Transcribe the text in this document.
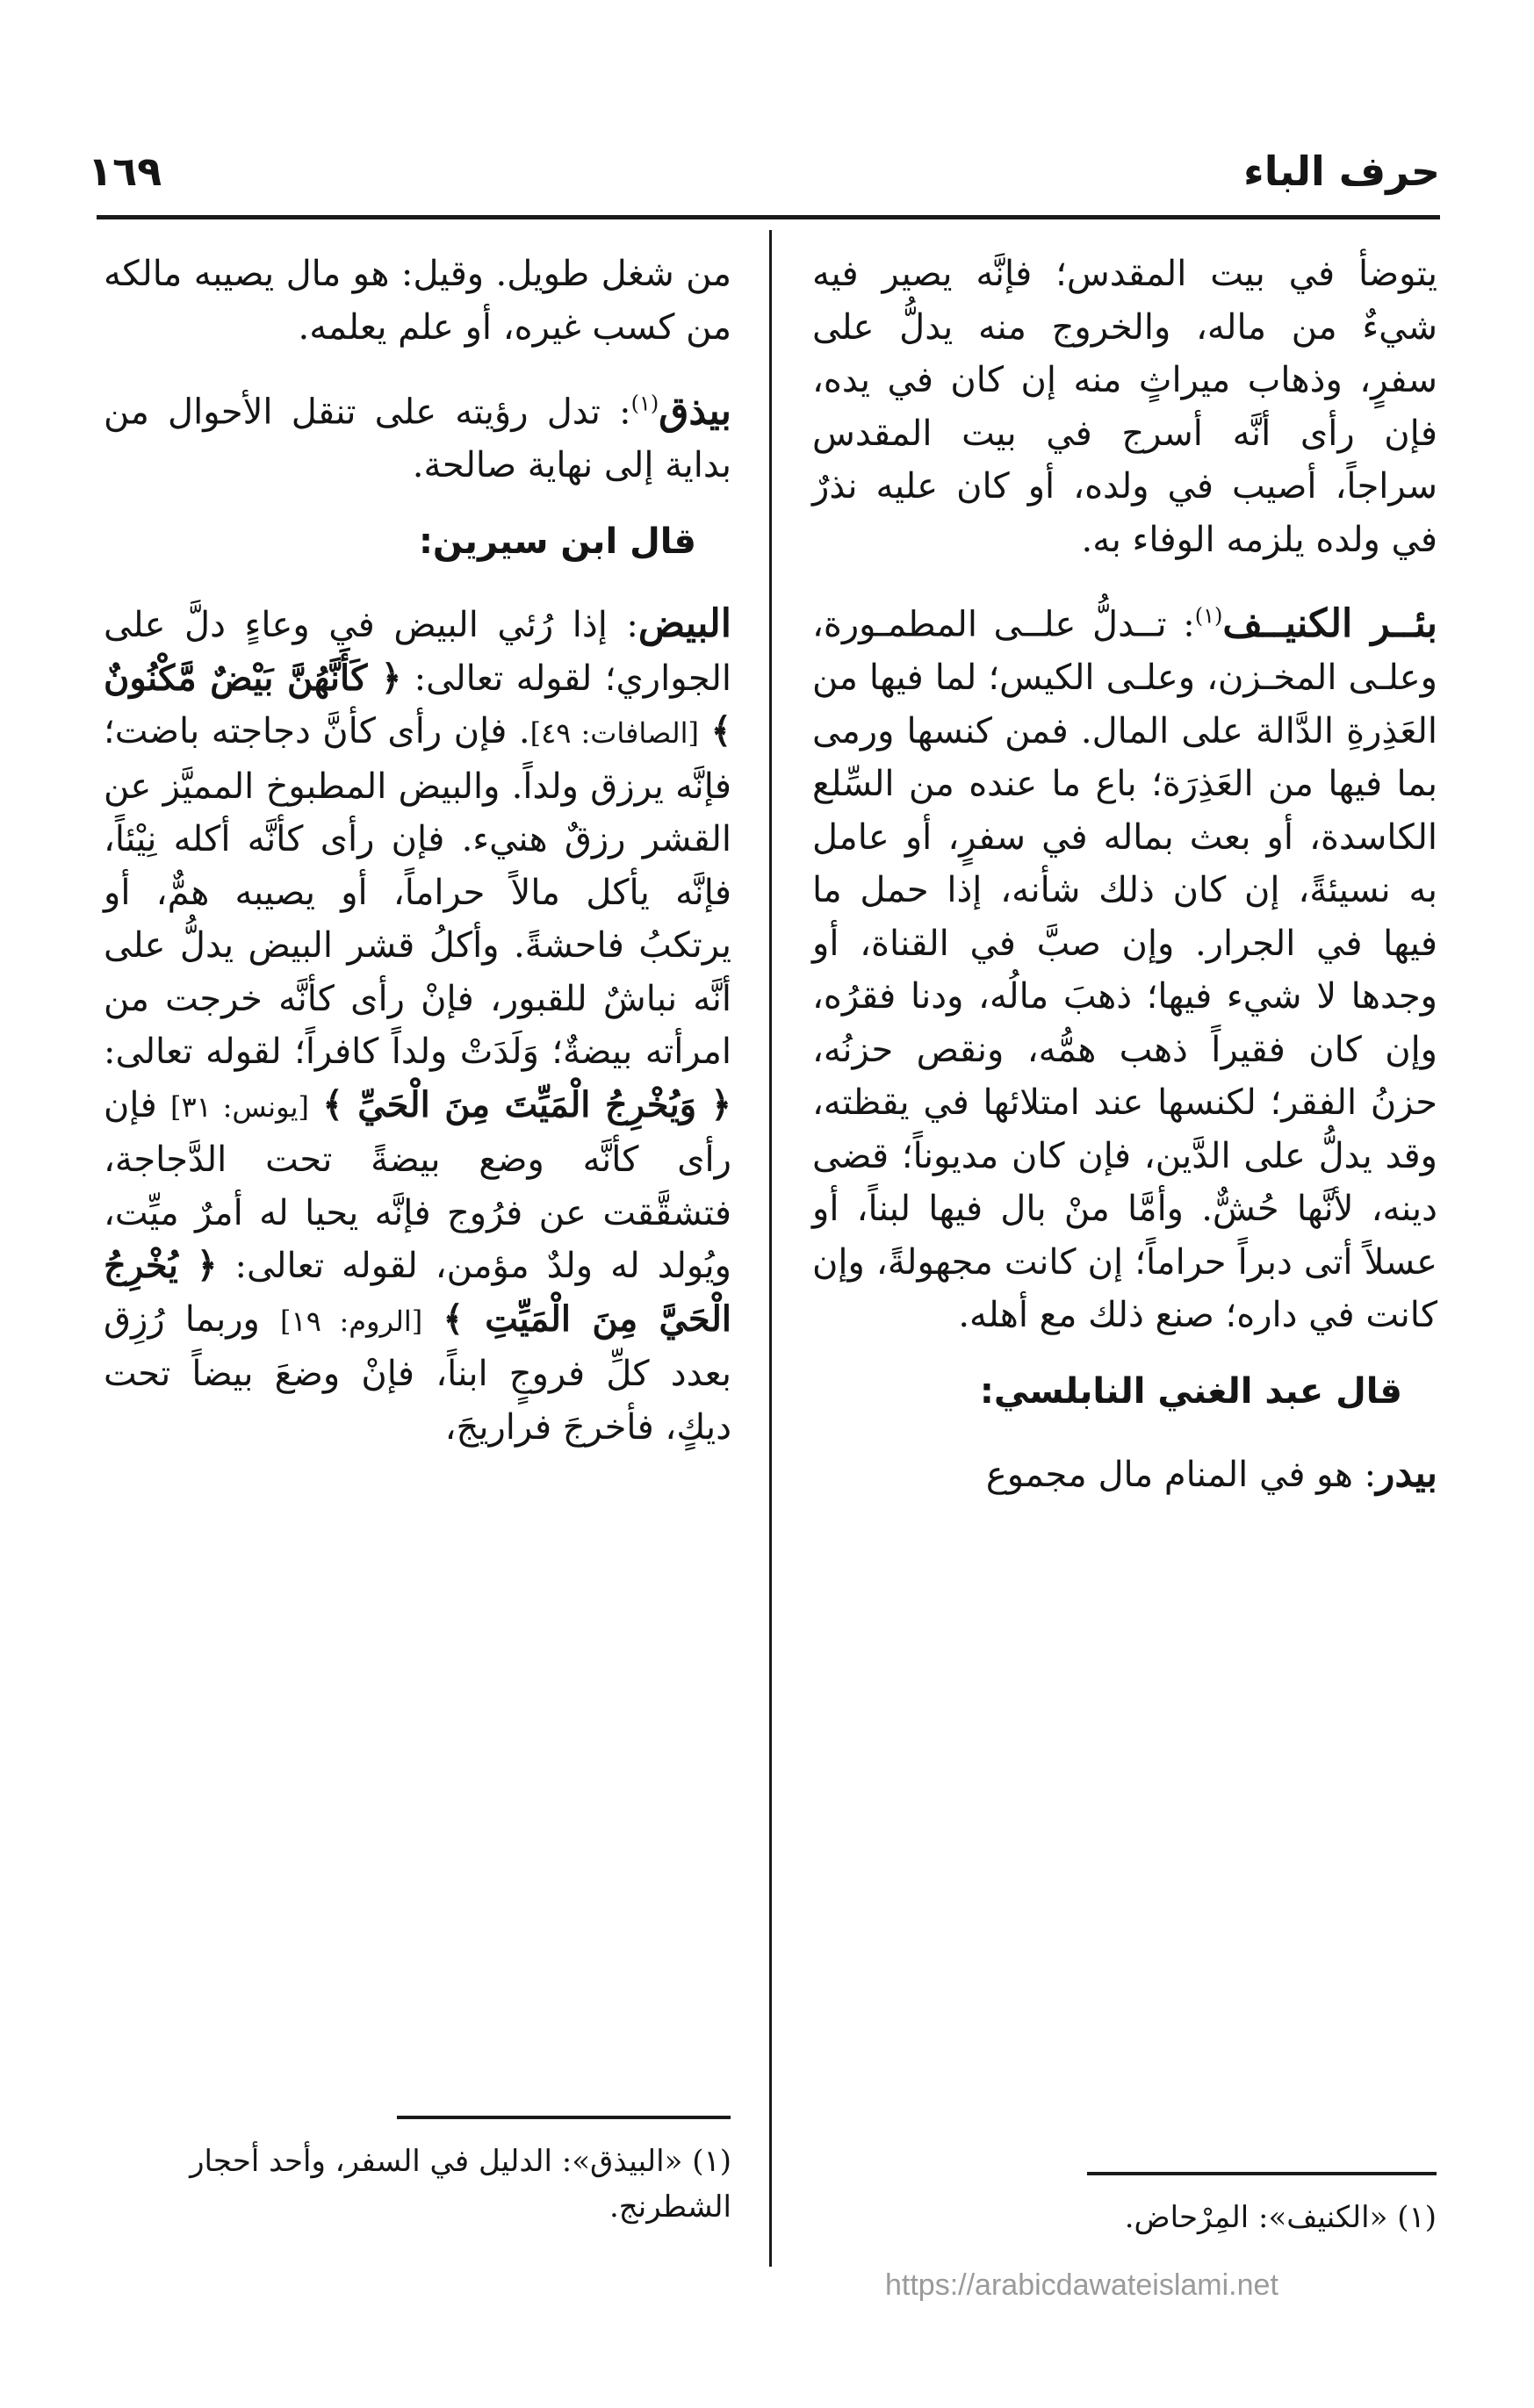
حرف الباء
١٦٩

يتوضأ في بيت المقدس؛ فإنَّه يصير فيه شيءٌ من ماله، والخروج منه يدلُّ على سفرٍ، وذهاب ميراثٍ منه إن كان في يده، فإن رأى أنَّه أسرج في بيت المقدس سراجاً، أصيب في ولده، أو كان عليه نذرٌ في ولده يلزمه الوفاء به.

بئــر الكنيــف$^{(١)}$: تــدلُّ علــى المطمـورة، وعلـى المخـزن، وعلـى الكيس؛ لما فيها من العَذِرةِ الدَّالة على المال. فمن كنسها ورمى بما فيها من العَذِرَة؛ باع ما عنده من السِّلع الكاسدة، أو بعث بماله في سفرٍ، أو عامل به نسيئةً، إن كان ذلك شأنه، إذا حمل ما فيها في الجرار. وإن صبَّ في القناة، أو وجدها لا شيء فيها؛ ذهبَ مالُه، ودنا فقرُه، وإن كان فقيراً ذهب همُّه، ونقص حزنُه، حزنُ الفقر؛ لكنسها عند امتلائها في يقظته، وقد يدلُّ على الدَّين، فإن كان مديوناً؛ قضى دينه، لأنَّها حُشٌّ. وأمَّا منْ بال فيها لبناً، أو عسلاً أتى دبراً حراماً؛ إن كانت مجهولةً، وإن كانت في داره؛ صنع ذلك مع أهله.

قال عبد الغني النابلسي:

بيدر: هو في المنام مال مجموع

من شغل طويل. وقيل: هو مال يصيبه مالكه من كسب غيره، أو علم يعلمه.

بيذق$^{(١)}$: تدل رؤيته على تنقل الأحوال من بداية إلى نهاية صالحة.

قال ابن سيرين:

البيض: إذا رُئي البيض في وعاءٍ دلَّ على الجواري؛ لقوله تعالى: ﴿ كَأَنَّهُنَّ بَيْضٌ مَّكْنُونٌ ﴾ [الصافات: ٤٩]. فإن رأى كأنَّ دجاجته باضت؛ فإنَّه يرزق ولداً. والبيض المطبوخ المميَّز عن القشر رزقٌ هنيء. فإن رأى كأنَّه أكله نِيْئاً، فإنَّه يأكل مالاً حراماً، أو يصيبه همٌّ، أو يرتكبُ فاحشةً. وأكلُ قشر البيض يدلُّ على أنَّه نباشٌ للقبور، فإنْ رأى كأنَّه خرجت من امرأته بيضةٌ؛ وَلَدَتْ ولداً كافراً؛ لقوله تعالى: ﴿ وَيُخْرِجُ الْمَيِّتَ مِنَ الْحَيِّ ﴾ [يونس: ٣١] فإن رأى كأنَّه وضع بيضةً تحت الدَّجاجة، فتشقَّقت عن فرُوج فإنَّه يحيا له أمرٌ ميِّت، ويُولد له ولدٌ مؤمن، لقوله تعالى: ﴿ يُخْرِجُ الْحَيَّ مِنَ الْمَيِّتِ ﴾ [الروم: ١٩] وربما رُزِق بعدد كلِّ فروجٍ ابناً، فإنْ وضعَ بيضاً تحت ديكٍ، فأخرجَ فراريجَ،

(١) «الكنيف»: المِرْحاض.
(١) «البيذق»: الدليل في السفر، وأحد أحجار الشطرنج.
https://arabicdawateislami.net
